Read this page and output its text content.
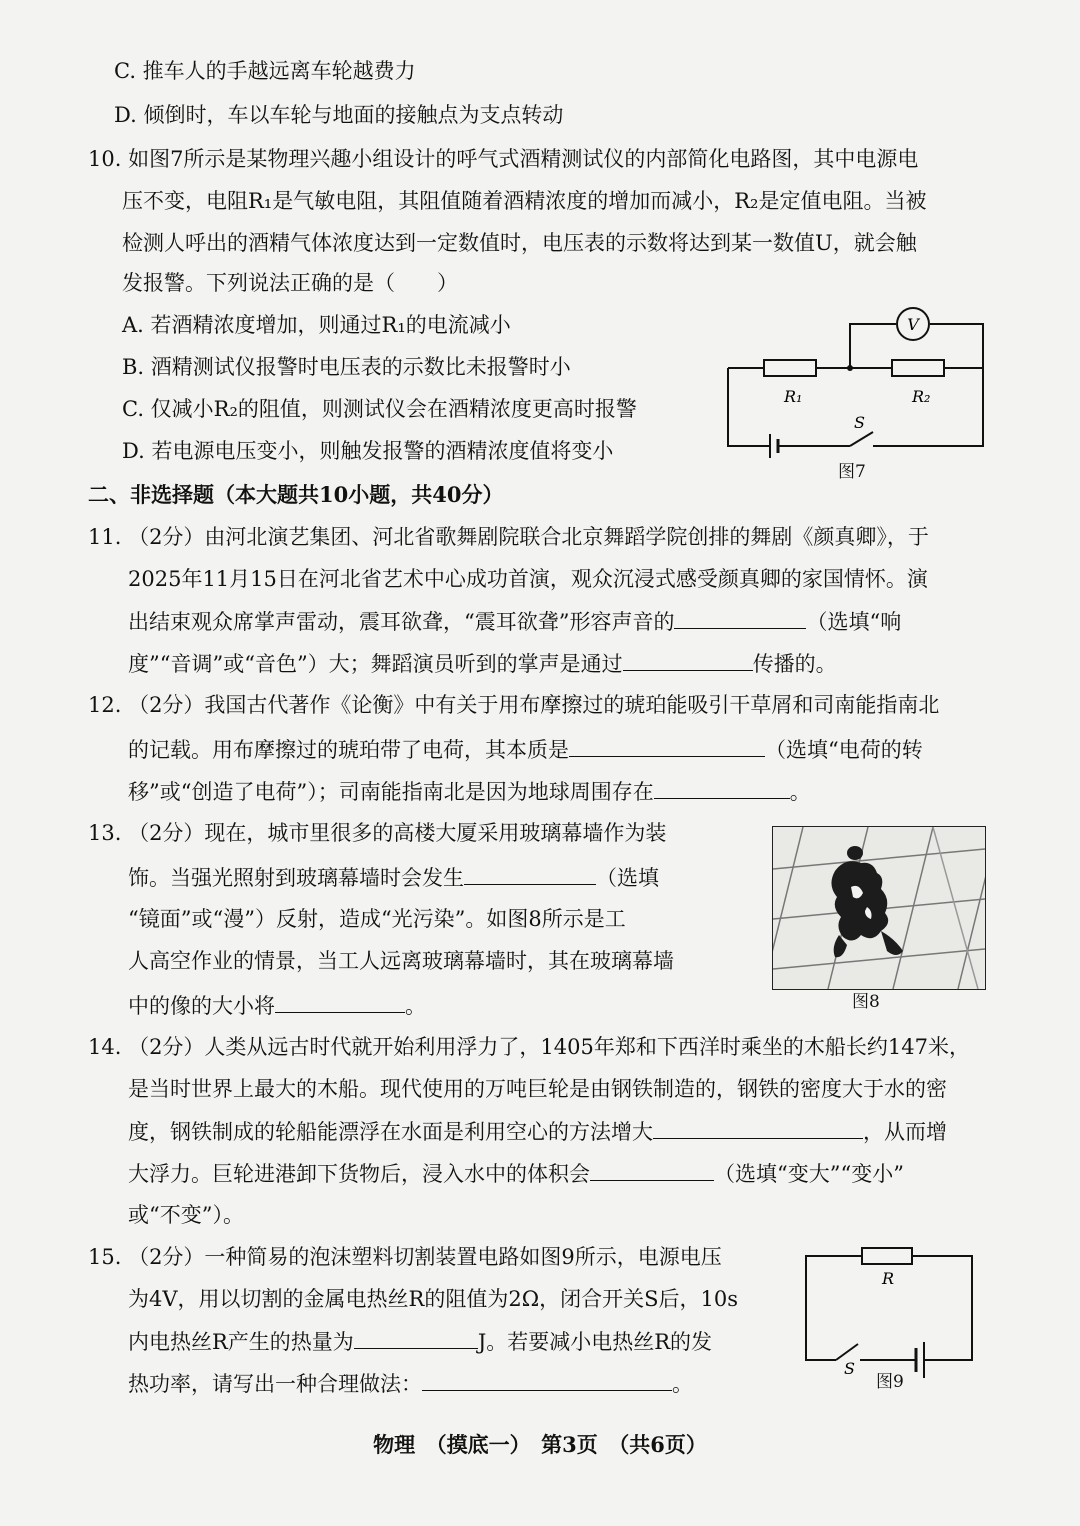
C. 推车人的手越远离车轮越费力
D. 倾倒时，车以车轮与地面的接触点为支点转动
10. 如图7所示是某物理兴趣小组设计的呼气式酒精测试仪的内部简化电路图，其中电源电
压不变，电阻R₁是气敏电阻，其阻值随着酒精浓度的增加而减小，R₂是定值电阻。当被
检测人呼出的酒精气体浓度达到一定数值时，电压表的示数将达到某一数值U，就会触
发报警。下列说法正确的是（　　）
A. 若酒精浓度增加，则通过R₁的电流减小
B. 酒精测试仪报警时电压表的示数比未报警时小
C. 仅减小R₂的阻值，则测试仪会在酒精浓度更高时报警
D. 若电源电压变小，则触发报警的酒精浓度值将变小
V
R₁	R₂
S
图7
二、非选择题（本大题共10小题，共40分）
11. （2分）由河北演艺集团、河北省歌舞剧院联合北京舞蹈学院创排的舞剧《颜真卿》，于
2025年11月15日在河北省艺术中心成功首演，观众沉浸式感受颜真卿的家国情怀。演
出结束观众席掌声雷动，震耳欲聋，“震耳欲聋”形容声音的	（选填“响
度”“音调”或“音色”）大；舞蹈演员听到的掌声是通过	传播的。
12. （2分）我国古代著作《论衡》中有关于用布摩擦过的琥珀能吸引干草屑和司南能指南北
的记载。用布摩擦过的琥珀带了电荷，其本质是	（选填“电荷的转
移”或“创造了电荷”）；司南能指南北是因为地球周围存在	。
13. （2分）现在，城市里很多的高楼大厦采用玻璃幕墙作为装
饰。当强光照射到玻璃幕墙时会发生	（选填
“镜面”或“漫”）反射，造成“光污染”。如图8所示是工
人高空作业的情景，当工人远离玻璃幕墙时，其在玻璃幕墙
中的像的大小将	。	图8
14. （2分）人类从远古时代就开始利用浮力了，1405年郑和下西洋时乘坐的木船长约147米，
是当时世界上最大的木船。现代使用的万吨巨轮是由钢铁制造的，钢铁的密度大于水的密
度，钢铁制成的轮船能漂浮在水面是利用空心的方法增大	，从而增
大浮力。巨轮进港卸下货物后，浸入水中的体积会	（选填“变大”“变小”
或“不变”）。
15. （2分）一种简易的泡沫塑料切割装置电路如图9所示，电源电压
为4V，用以切割的金属电热丝R的阻值为2Ω，闭合开关S后，10s
内电热丝R产生的热量为	J。若要减小电热丝R的发
热功率，请写出一种合理做法：	。
R
S
图9
物理　（摸底一）　第3页　（共6页）
